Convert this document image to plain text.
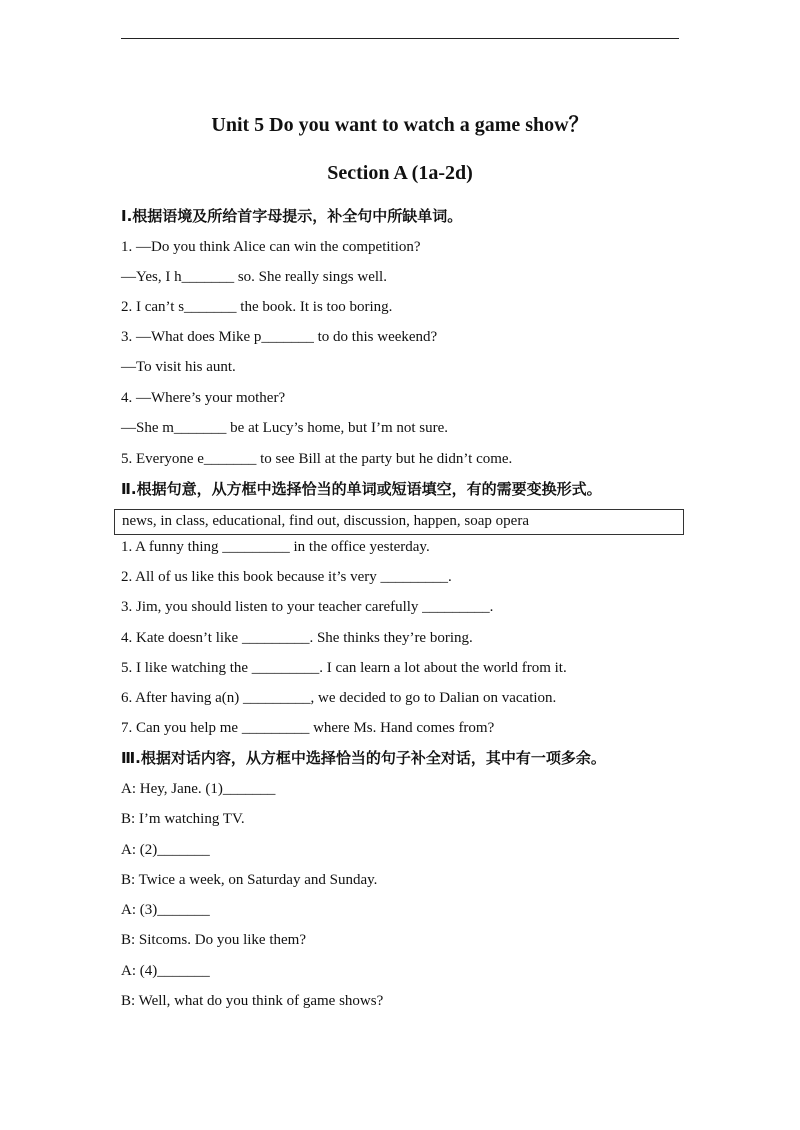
Unit 5 Do you want to watch a game show？
Section A (1a-2d)
Ⅰ.根据语境及所给首字母提示，补全句中所缺单词。
1. —Do you think Alice can win the competition?
—Yes, I h_______ so. She really sings well.
2. I can’t s_______ the book. It is too boring.
3. —What does Mike p_______ to do this weekend?
—To visit his aunt.
4. —Where’s your mother?
—She m_______ be at Lucy’s home, but I’m not sure.
5. Everyone e_______ to see Bill at the party but he didn’t come.
Ⅱ.根据句意，从方框中选择恰当的单词或短语填空，有的需要变换形式。
news, in class, educational, find out, discussion, happen, soap opera
1. A funny thing _________ in the office yesterday.
2. All of us like this book because it’s very _________.
3. Jim, you should listen to your teacher carefully _________.
4. Kate doesn’t like _________. She thinks they’re boring.
5. I like watching the _________. I can learn a lot about the world from it.
6. After having a(n) _________, we decided to go to Dalian on vacation.
7. Can you help me _________ where Ms. Hand comes from?
Ⅲ.根据对话内容，从方框中选择恰当的句子补全对话，其中有一项多余。
A: Hey, Jane. (1)_______
B: I’m watching TV.
A: (2)_______
B: Twice a week, on Saturday and Sunday.
A: (3)_______
B: Sitcoms. Do you like them?
A: (4)_______
B: Well, what do you think of game shows?
